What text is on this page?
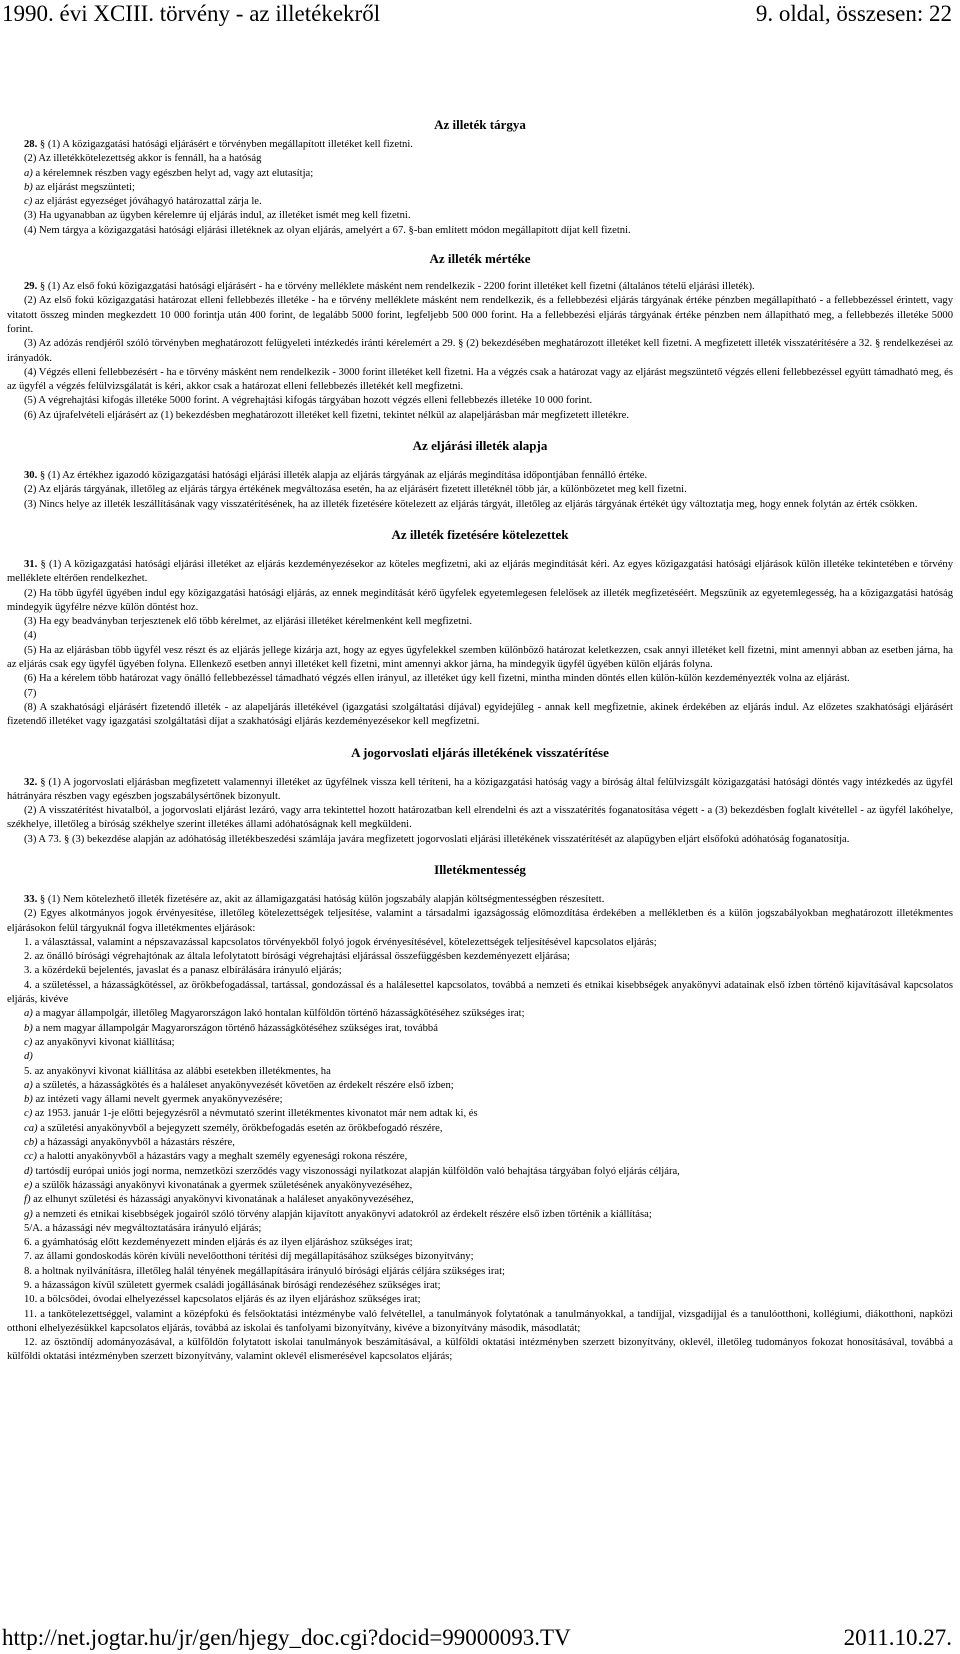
1990. évi XCIII. törvény - az illetékekről	9. oldal, összesen: 22
Az illeték tárgya

28. § (1) A közigazgatási hatósági eljárásért e törvényben megállapított illetéket kell fizetni.

(2) Az illetékkötelezettség akkor is fennáll, ha a hatóság

a) a kérelemnek részben vagy egészben helyt ad, vagy azt elutasítja;

b) az eljárást megszünteti;

c) az eljárást egyezséget jóváhagyó határozattal zárja le.

(3) Ha ugyanabban az ügyben kérelemre új eljárás indul, az illetéket ismét meg kell fizetni.

(4) Nem tárgya a közigazgatási hatósági eljárási illetéknek az olyan eljárás, amelyért a 67. §-ban említett módon megállapított díjat kell fizetni.

Az illeték mértéke

29. § (1) Az első fokú közigazgatási hatósági eljárásért - ha e törvény melléklete másként nem rendelkezik - 2200 forint illetéket kell fizetni (általános tételű eljárási illeték).

(2) Az első fokú közigazgatási határozat elleni fellebbezés illetéke - ha e törvény melléklete másként nem rendelkezik, és a fellebbezési eljárás tárgyának értéke pénzben megállapítható - a fellebbezéssel érintett, vagy vitatott összeg minden megkezdett 10 000 forintja után 400 forint, de legalább 5000 forint, legfeljebb 500 000 forint. Ha a fellebbezési eljárás tárgyának értéke pénzben nem állapítható meg, a fellebbezés illetéke 5000 forint.

(3) Az adózás rendjéről szóló törvényben meghatározott felügyeleti intézkedés iránti kérelemért a 29. § (2) bekezdésében meghatározott illetéket kell fizetni. A megfizetett illeték visszatérítésére a 32. § rendelkezései az irányadók.

(4) Végzés elleni fellebbezésért - ha e törvény másként nem rendelkezik - 3000 forint illetéket kell fizetni. Ha a végzés csak a határozat vagy az eljárást megszüntető végzés elleni fellebbezéssel együtt támadható meg, és az ügyfél a végzés felülvizsgálatát is kéri, akkor csak a határozat elleni fellebbezés illetékét kell megfizetni.

(5) A végrehajtási kifogás illetéke 5000 forint. A végrehajtási kifogás tárgyában hozott végzés elleni fellebbezés illetéke 10 000 forint.

(6) Az újrafelvételi eljárásért az (1) bekezdésben meghatározott illetéket kell fizetni, tekintet nélkül az alapeljárásban már megfizetett illetékre.

Az eljárási illeték alapja

30. § (1) Az értékhez igazodó közigazgatási hatósági eljárási illeték alapja az eljárás tárgyának az eljárás megindítása időpontjában fennálló értéke.

(2) Az eljárás tárgyának, illetőleg az eljárás tárgya értékének megváltozása esetén, ha az eljárásért fizetett illetéknél több jár, a különbözetet meg kell fizetni.

(3) Nincs helye az illeték leszállításának vagy visszatérítésének, ha az illeték fizetésére kötelezett az eljárás tárgyát, illetőleg az eljárás tárgyának értékét úgy változtatja meg, hogy ennek folytán az érték csökken.

Az illeték fizetésére kötelezettek

31. § (1) A közigazgatási hatósági eljárási illetéket az eljárás kezdeményezésekor az köteles megfizetni, aki az eljárás megindítását kéri. Az egyes közigazgatási hatósági eljárások külön illetéke tekintetében e törvény melléklete eltérően rendelkezhet.

(2) Ha több ügyfél ügyében indul egy közigazgatási hatósági eljárás, az ennek megindítását kérő ügyfelek egyetemlegesen felelősek az illeték megfizetéséért. Megszűnik az egyetemlegesség, ha a közigazgatási hatóság mindegyik ügyfélre nézve külön döntést hoz.

(3) Ha egy beadványban terjesztenek elő több kérelmet, az eljárási illetéket kérelmenként kell megfizetni.

(4)

(5) Ha az eljárásban több ügyfél vesz részt és az eljárás jellege kizárja azt, hogy az egyes ügyfelekkel szemben különböző határozat keletkezzen, csak annyi illetéket kell fizetni, mint amennyi abban az esetben járna, ha az eljárás csak egy ügyfél ügyében folyna. Ellenkező esetben annyi illetéket kell fizetni, mint amennyi akkor járna, ha mindegyik ügyfél ügyében külön eljárás folyna.

(6) Ha a kérelem több határozat vagy önálló fellebbezéssel támadható végzés ellen irányul, az illetéket úgy kell fizetni, mintha minden döntés ellen külön-külön kezdeményezték volna az eljárást.

(7)

(8) A szakhatósági eljárásért fizetendő illeték - az alapeljárás illetékével (igazgatási szolgáltatási díjával) egyidejűleg - annak kell megfizetnie, akinek érdekében az eljárás indul. Az előzetes szakhatósági eljárásért fizetendő illetéket vagy igazgatási szolgáltatási díjat a szakhatósági eljárás kezdeményezésekor kell megfizetni.

A jogorvoslati eljárás illetékének visszatérítése

32. § (1) A jogorvoslati eljárásban megfizetett valamennyi illetéket az ügyfélnek vissza kell téríteni, ha a közigazgatási hatóság vagy a bíróság által felülvizsgált közigazgatási hatósági döntés vagy intézkedés az ügyfél hátrányára részben vagy egészben jogszabálysértőnek bizonyult.

(2) A visszatérítést hivatalból, a jogorvoslati eljárást lezáró, vagy arra tekintettel hozott határozatban kell elrendelni és azt a visszatérítés foganatosítása végett - a (3) bekezdésben foglalt kivétellel - az ügyfél lakóhelye, székhelye, illetőleg a bíróság székhelye szerint illetékes állami adóhatóságnak kell megküldeni.

(3) A 73. § (3) bekezdése alapján az adóhatóság illetékbeszedési számlája javára megfizetett jogorvoslati eljárási illetékének visszatérítését az alapügyben eljárt elsőfokú adóhatóság foganatosítja.

Illetékmentesség

33. § (1) Nem kötelezhető illeték fizetésére az, akit az államigazgatási hatóság külön jogszabály alapján költségmentességben részesített.

(2) Egyes alkotmányos jogok érvényesítése, illetőleg kötelezettségek teljesítése, valamint a társadalmi igazságosság előmozdítása érdekében a mellékletben és a külön jogszabályokban meghatározott illetékmentes eljárásokon felül tárgyuknál fogva illetékmentes eljárások:

1. a választással, valamint a népszavazással kapcsolatos törvényekből folyó jogok érvényesítésével, kötelezettségek teljesítésével kapcsolatos eljárás;

2. az önálló bírósági végrehajtónak az általa lefolytatott bírósági végrehajtási eljárással összefüggésben kezdeményezett eljárása;

3. a közérdekű bejelentés, javaslat és a panasz elbírálására irányuló eljárás;

4. a születéssel, a házasságkötéssel, az örökbefogadással, tartással, gondozással és a halálesettel kapcsolatos, továbbá a nemzeti és etnikai kisebbségek anyakönyvi adatainak első ízben történő kijavításával kapcsolatos eljárás, kivéve

a) a magyar állampolgár, illetőleg Magyarországon lakó hontalan külföldön történő házasságkötéséhez szükséges irat;

b) a nem magyar állampolgár Magyarországon történő házasságkötéséhez szükséges irat, továbbá

c) az anyakönyvi kivonat kiállítása;

d)

5. az anyakönyvi kivonat kiállítása az alábbi esetekben illetékmentes, ha

a) a születés, a házasságkötés és a haláleset anyakönyvezését követően az érdekelt részére első ízben;

b) az intézeti vagy állami nevelt gyermek anyakönyvezésére;

c) az 1953. január 1-je előtti bejegyzésről a névmutató szerint illetékmentes kivonatot már nem adtak ki, és

ca) a születési anyakönyvből a bejegyzett személy, örökbefogadás esetén az örökbefogadó részére,

cb) a házassági anyakönyvből a házastárs részére,

cc) a halotti anyakönyvből a házastárs vagy a meghalt személy egyenesági rokona részére,

d) tartósdíj európai uniós jogi norma, nemzetközi szerződés vagy viszonossági nyilatkozat alapján külföldön való behajtása tárgyában folyó eljárás céljára,

e) a szülők házassági anyakönyvi kivonatának a gyermek születésének anyakönyvezéséhez,

f) az elhunyt születési és házassági anyakönyvi kivonatának a haláleset anyakönyvezéséhez,

g) a nemzeti és etnikai kisebbségek jogairól szóló törvény alapján kijavított anyakönyvi adatokról az érdekelt részére első ízben történik a kiállítása;

5/A. a házassági név megváltoztatására irányuló eljárás;

6. a gyámhatóság előtt kezdeményezett minden eljárás és az ilyen eljáráshoz szükséges irat;

7. az állami gondoskodás körén kívüli nevelőotthoni térítési díj megállapításához szükséges bizonyítvány;

8. a holtnak nyilvánításra, illetőleg halál tényének megállapítására irányuló bírósági eljárás céljára szükséges irat;

9. a házasságon kívül született gyermek családi jogállásának bírósági rendezéséhez szükséges irat;

10. a bölcsődei, óvodai elhelyezéssel kapcsolatos eljárás és az ilyen eljáráshoz szükséges irat;

11. a tankötelezettséggel, valamint a középfokú és felsőoktatási intézménybe való felvétellel, a tanulmányok folytatónak a tanulmányokkal, a tandíjjal, vizsgadíjjal és a tanulóotthoni, kollégiumi, diákotthoni, napközi otthoni elhelyezésükkel kapcsolatos eljárás, továbbá az iskolai és tanfolyami bizonyítvány, kivéve a bizonyítvány második, másodlatát;

12. az ösztöndíj adományozásával, a külföldön folytatott iskolai tanulmányok beszámításával, a külföldi oktatási intézményben szerzett bizonyítvány, oklevél, illetőleg tudományos fokozat honosításával, továbbá a külföldi oktatási intézményben szerzett bizonyítvány, valamint oklevél elismerésével kapcsolatos eljárás;

http://net.jogtar.hu/jr/gen/hjegy_doc.cgi?docid=99000093.TV	2011.10.27.
